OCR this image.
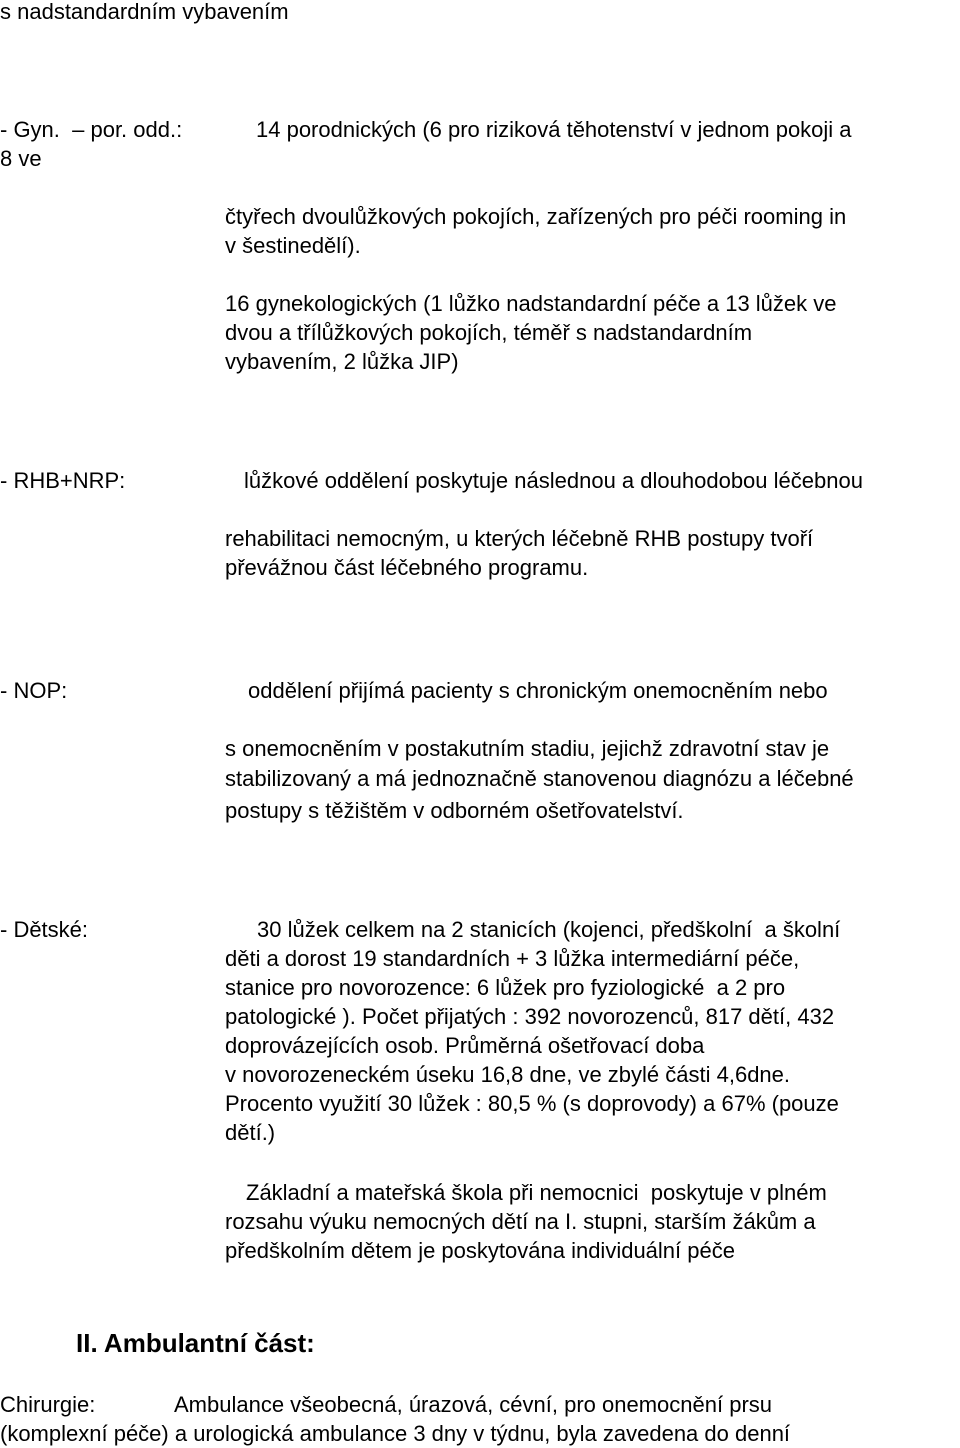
s nadstandardním vybavením
- Gyn.  – por. odd.:	14 porodnických (6 pro riziková těhotenství v jednom pokoji a
8 ve
čtyřech dvoulůžkových pokojích, zařízených pro péči rooming in
v šestinedělí).
16 gynekologických (1 lůžko nadstandardní péče a 13 lůžek ve
dvou a třílůžkových pokojích, téměř s nadstandardním
vybavením, 2 lůžka JIP)
- RHB+NRP:	lůžkové oddělení poskytuje následnou a dlouhodobou léčebnou
rehabilitaci nemocným, u kterých léčebně RHB postupy tvoří
převážnou část léčebného programu.
- NOP:	oddělení přijímá pacienty s chronickým onemocněním nebo
s onemocněním v postakutním stadiu, jejichž zdravotní stav je
stabilizovaný a má jednoznačně stanovenou diagnózu a léčebné
postupy s těžištěm v odborném ošetřovatelství.
- Dětské:	30 lůžek celkem na 2 stanicích (kojenci, předškolní  a školní
děti a dorost 19 standardních + 3 lůžka intermediární péče,
stanice pro novorozence: 6 lůžek pro fyziologické  a 2 pro
patologické ). Počet přijatých : 392 novorozenců, 817 dětí, 432
doprovázejících osob. Průměrná ošetřovací doba
v novorozeneckém úseku 16,8 dne, ve zbylé části 4,6dne.
Procento využití 30 lůžek : 80,5 % (s doprovody) a 67% (pouze
dětí.)
Základní a mateřská škola při nemocnici  poskytuje v plném
rozsahu výuku nemocných dětí na I. stupni, starším žákům a
předškolním dětem je poskytována individuální péče
II. Ambulantní část:
Chirurgie:	Ambulance všeobecná, úrazová, cévní, pro onemocnění prsu
(komplexní péče) a urologická ambulance 3 dny v týdnu, byla zavedena do denní
